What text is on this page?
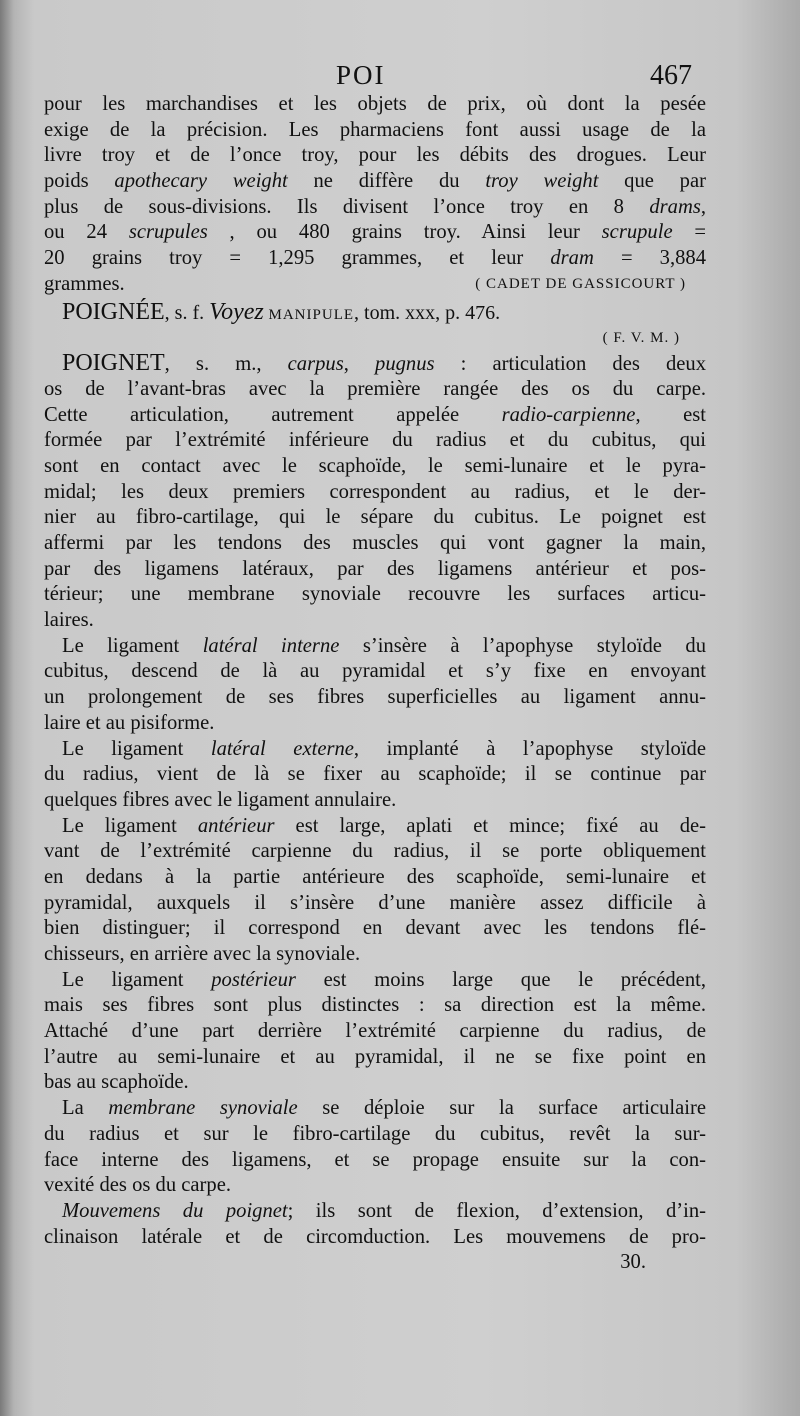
POI	467
pour les marchandises et les objets de prix, où dont la pesée
exige de la précision. Les pharmaciens font aussi usage de la
livre troy et de l’once troy, pour les débits des drogues. Leur
poids apothecary weight ne diffère du troy weight que par
plus de sous-divisions. Ils divisent l’once troy en 8 drams,
ou 24 scrupules , ou 480 grains troy. Ainsi leur scrupule =
20 grains troy = 1,295 grammes, et leur dram = 3,884
grammes.	( CADET DE GASSICOURT )
POIGNÉE, s. f. Voyez MANIPULE, tom. xxx, p. 476.
( F. V. M. )
POIGNET, s. m., carpus, pugnus : articulation des deux
os de l’avant-bras avec la première rangée des os du carpe.
Cette articulation, autrement appelée radio-carpienne, est
formée par l’extrémité inférieure du radius et du cubitus, qui
sont en contact avec le scaphoïde, le semi-lunaire et le pyra-
midal; les deux premiers correspondent au radius, et le der-
nier au fibro-cartilage, qui le sépare du cubitus. Le poignet est
affermi par les tendons des muscles qui vont gagner la main,
par des ligamens latéraux, par des ligamens antérieur et pos-
térieur; une membrane synoviale recouvre les surfaces articu-
laires.
Le ligament latéral interne s’insère à l’apophyse styloïde du
cubitus, descend de là au pyramidal et s’y fixe en envoyant
un prolongement de ses fibres superficielles au ligament annu-
laire et au pisiforme.
Le ligament latéral externe, implanté à l’apophyse styloïde
du radius, vient de là se fixer au scaphoïde; il se continue par
quelques fibres avec le ligament annulaire.
Le ligament antérieur est large, aplati et mince; fixé au de-
vant de l’extrémité carpienne du radius, il se porte obliquement
en dedans à la partie antérieure des scaphoïde, semi-lunaire et
pyramidal, auxquels il s’insère d’une manière assez difficile à
bien distinguer; il correspond en devant avec les tendons flé-
chisseurs, en arrière avec la synoviale.
Le ligament postérieur est moins large que le précédent,
mais ses fibres sont plus distinctes : sa direction est la même.
Attaché d’une part derrière l’extrémité carpienne du radius, de
l’autre au semi-lunaire et au pyramidal, il ne se fixe point en
bas au scaphoïde.
La membrane synoviale se déploie sur la surface articulaire
du radius et sur le fibro-cartilage du cubitus, revêt la sur-
face interne des ligamens, et se propage ensuite sur la con-
vexité des os du carpe.
Mouvemens du poignet; ils sont de flexion, d’extension, d’in-
clinaison latérale et de circomduction. Les mouvemens de pro-
30.
